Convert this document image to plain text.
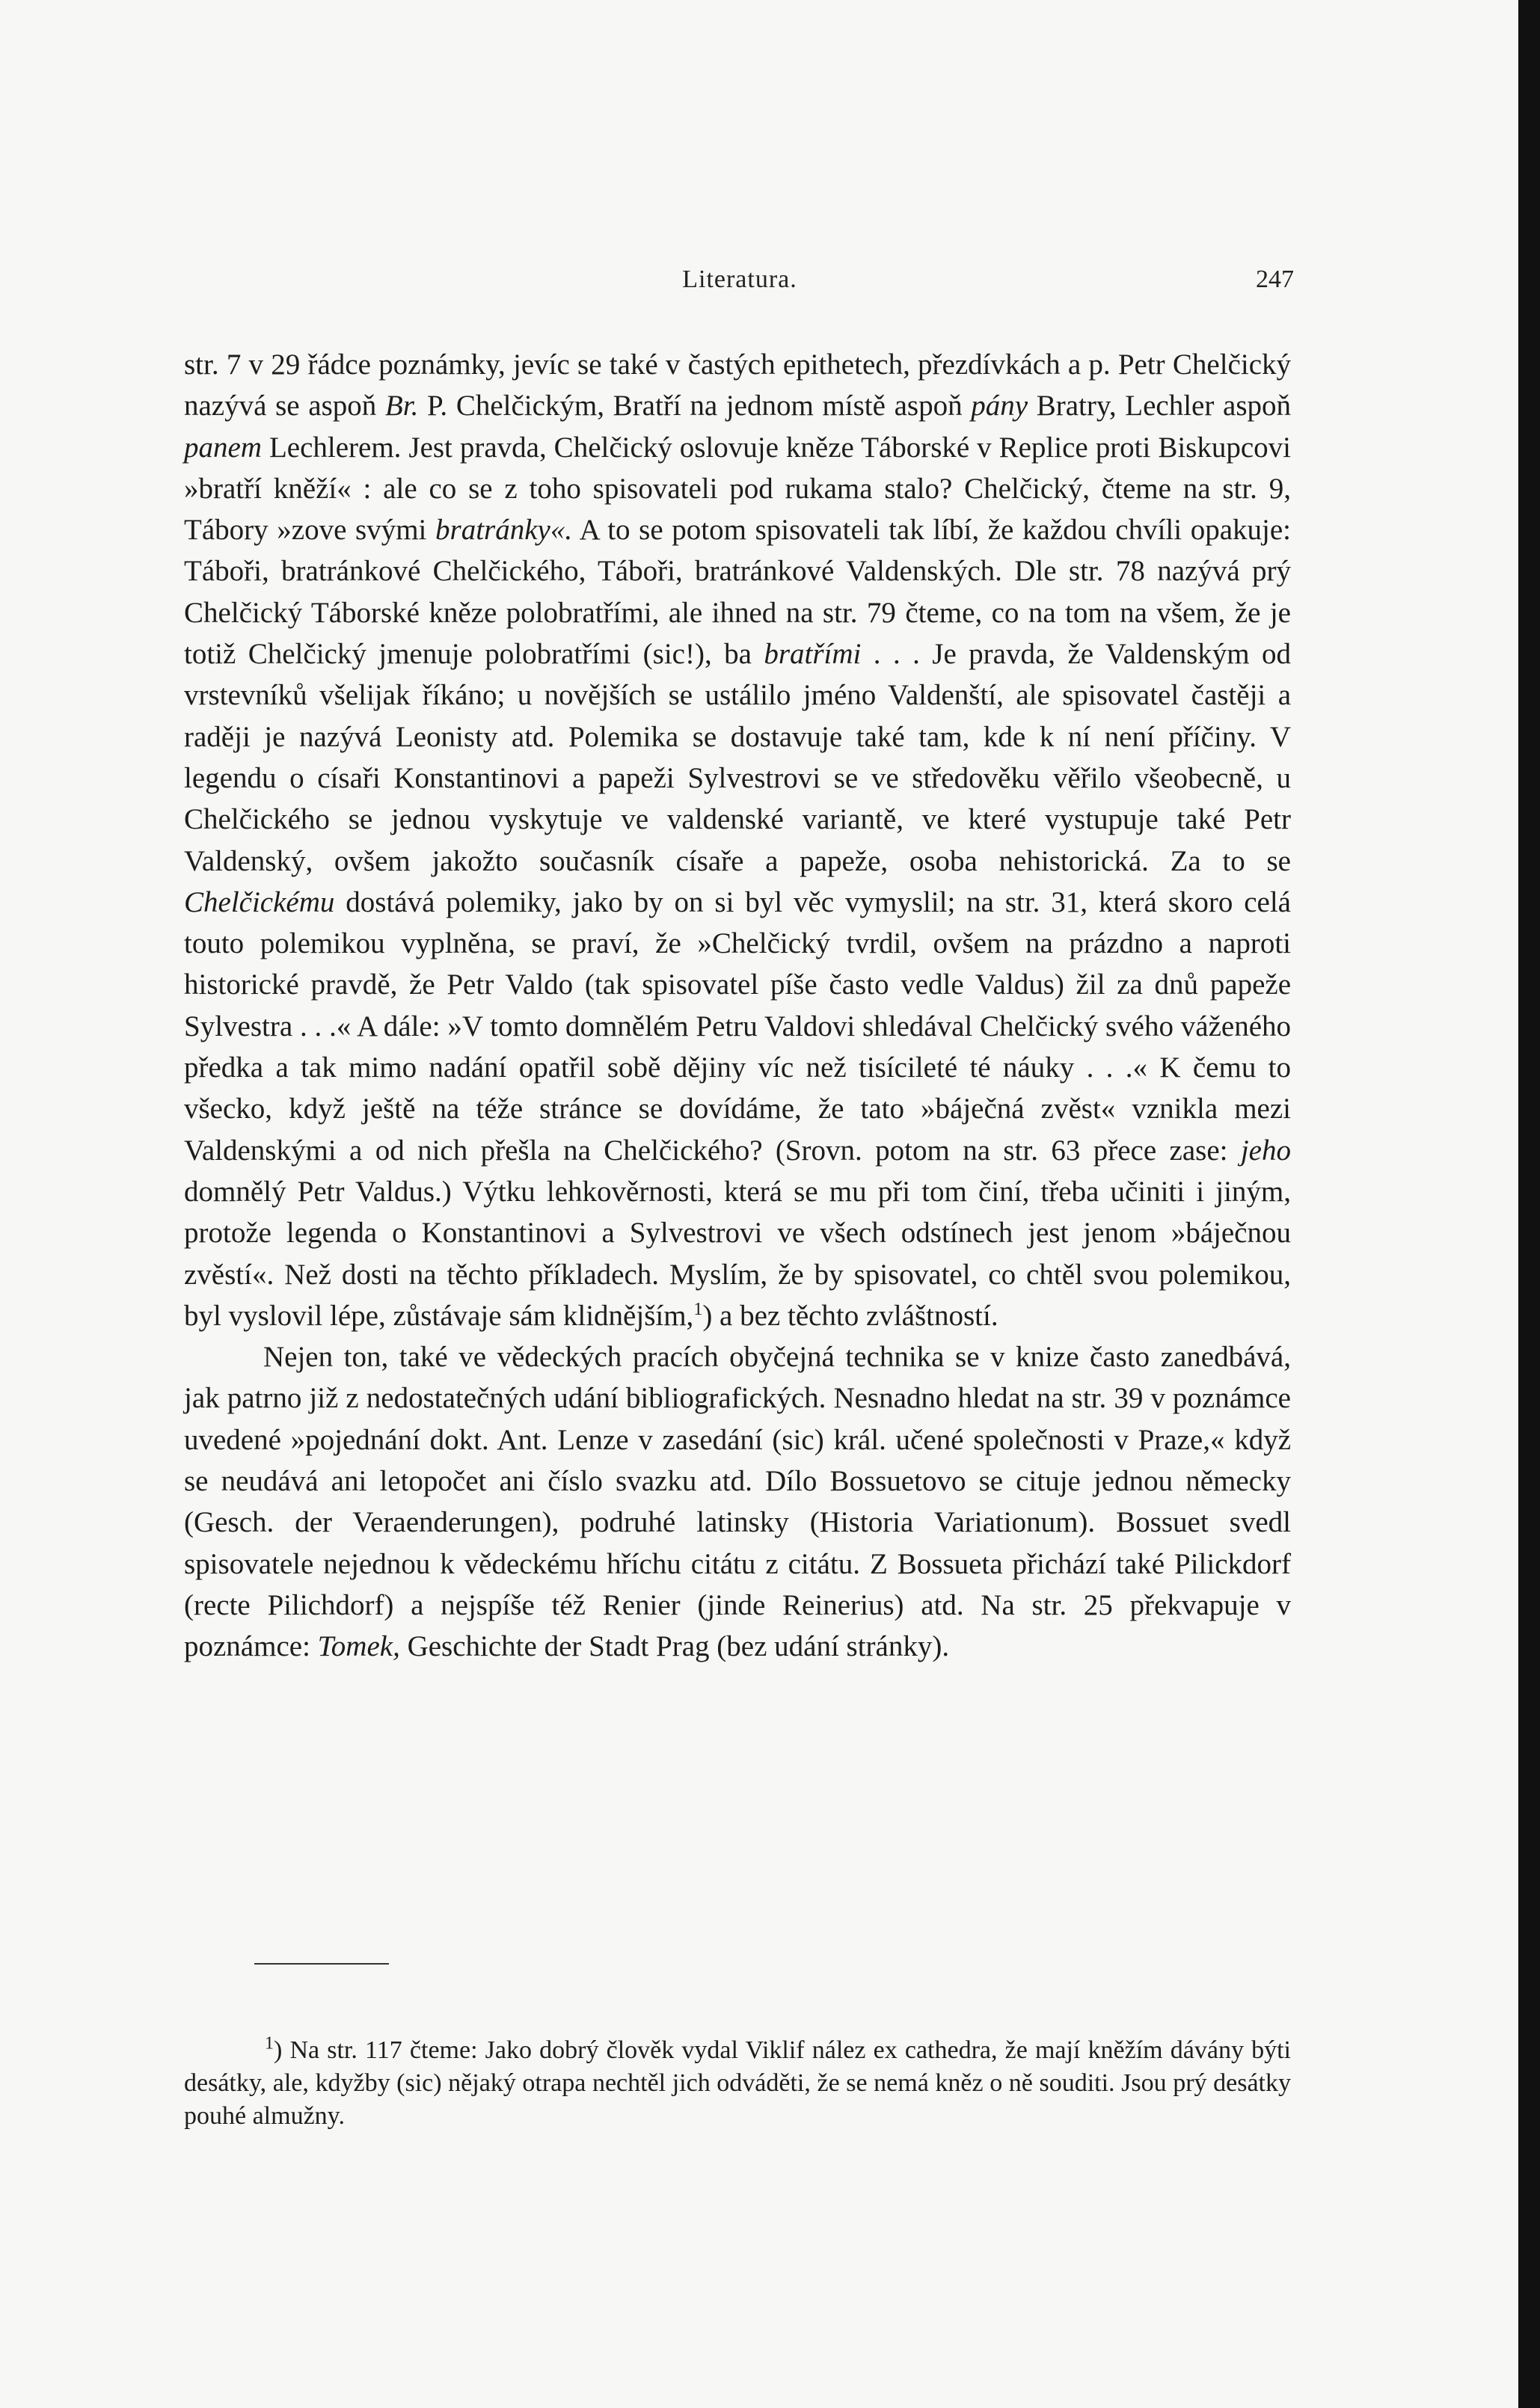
Literatura.	247

str. 7 v 29 řádce poznámky, jevíc se také v častých epithetech, přezdívkách a p. Petr Chelčický nazývá se aspoň Br. P. Chelčickým, Bratří na jednom místě aspoň pány Bratry, Lechler aspoň panem Lechlerem. Jest pravda, Chelčický oslovuje kněze Táborské v Replice proti Biskupcovi »bratří kněží« : ale co se z toho spisovateli pod rukama stalo? Chelčický, čteme na str. 9, Tábory »zove svými bratránky«. A to se potom spisovateli tak líbí, že každou chvíli opakuje: Táboři, bratránkové Chelčického, Táboři, bratránkové Valdenských. Dle str. 78 nazývá prý Chelčický Táborské kněze polobratřími, ale ihned na str. 79 čteme, co na tom na všem, že je totiž Chelčický jmenuje polobratřími (sic!), ba bratřími . . . Je pravda, že Valdenským od vrstevníků všelijak říkáno; u novějších se ustálilo jméno Valdenští, ale spisovatel častěji a raději je nazývá Leonisty atd. Polemika se dostavuje také tam, kde k ní není příčiny. V legendu o císaři Konstantinovi a papeži Sylvestrovi se ve středověku věřilo všeobecně, u Chelčického se jednou vyskytuje ve valdenské variantě, ve které vystupuje také Petr Valdenský, ovšem jakožto současník císaře a papeže, osoba nehistorická. Za to se Chelčickému dostává polemiky, jako by on si byl věc vymyslil; na str. 31, která skoro celá touto polemikou vyplněna, se praví, že »Chelčický tvrdil, ovšem na prázdno a naproti historické pravdě, že Petr Valdo (tak spisovatel píše často vedle Valdus) žil za dnů papeže Sylvestra . . .« A dále: »V tomto domnělém Petru Valdovi shledával Chelčický svého váženého předka a tak mimo nadání opatřil sobě dějiny víc než tisícileté té náuky . . .« K čemu to všecko, když ještě na téže stránce se dovídáme, že tato »báječná zvěst« vznikla mezi Valdenskými a od nich přešla na Chelčického? (Srovn. potom na str. 63 přece zase: jeho domnělý Petr Valdus.) Výtku lehkověrnosti, která se mu při tom činí, třeba učiniti i jiným, protože legenda o Konstantinovi a Sylvestrovi ve všech odstínech jest jenom »báječnou zvěstí«. Než dosti na těchto příkladech. Myslím, že by spisovatel, co chtěl svou polemikou, byl vyslovil lépe, zůstávaje sám klidnějším,$^1$) a bez těchto zvláštností.

Nejen ton, také ve vědeckých pracích obyčejná technika se v knize často zanedbává, jak patrno již z nedostatečných udání bibliografických. Nesnadno hledat na str. 39 v poznámce uvedené »pojednání dokt. Ant. Lenze v zasedání (sic) král. učené společnosti v Praze,« když se neudává ani letopočet ani číslo svazku atd. Dílo Bossuetovo se cituje jednou německy (Gesch. der Veraenderungen), podruhé latinsky (Historia Variationum). Bossuet svedl spisovatele nejednou k vědeckému hříchu citátu z citátu. Z Bossueta přichází také Pilickdorf (recte Pilichdorf) a nejspíše též Renier (jinde Reinerius) atd. Na str. 25 překvapuje v poznámce: Tomek, Geschichte der Stadt Prag (bez udání stránky).

$^1$) Na str. 117 čteme: Jako dobrý člověk vydal Viklif nález ex cathedra, že mají kněžím dávány býti desátky, ale, kdyžby (sic) nějaký otrapa nechtěl jich odváděti, že se nemá kněz o ně souditi. Jsou prý desátky pouhé almužny.
